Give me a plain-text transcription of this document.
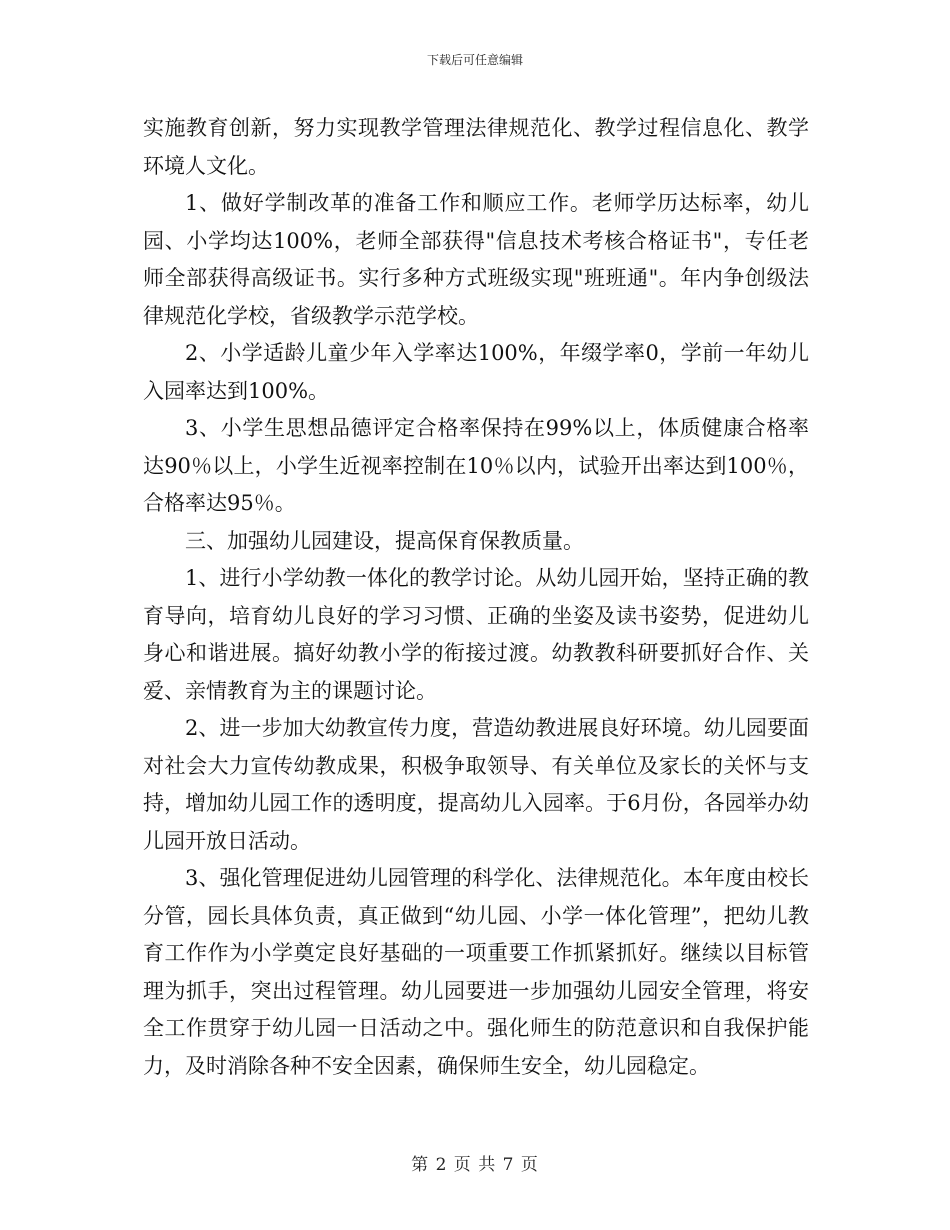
下载后可任意编辑

实施教育创新，努力实现教学管理法律规范化、教学过程信息化、教学环境人文化。

1、做好学制改革的准备工作和顺应工作。老师学历达标率，幼儿园、小学均达100%，老师全部获得"信息技术考核合格证书"，专任老师全部获得高级证书。实行多种方式班级实现"班班通"。年内争创级法律规范化学校，省级教学示范学校。

2、小学适龄儿童少年入学率达100%，年缀学率0，学前一年幼儿入园率达到100%。

3、小学生思想品德评定合格率保持在99%以上，体质健康合格率达90％以上，小学生近视率控制在10％以内，试验开出率达到100％，合格率达95％。

三、加强幼儿园建设，提高保育保教质量。

1、进行小学幼教一体化的教学讨论。从幼儿园开始，坚持正确的教育导向，培育幼儿良好的学习习惯、正确的坐姿及读书姿势，促进幼儿身心和谐进展。搞好幼教小学的衔接过渡。幼教教科研要抓好合作、关爱、亲情教育为主的课题讨论。

2、进一步加大幼教宣传力度，营造幼教进展良好环境。幼儿园要面对社会大力宣传幼教成果，积极争取领导、有关单位及家长的关怀与支持，增加幼儿园工作的透明度，提高幼儿入园率。于6月份，各园举办幼儿园开放日活动。

3、强化管理促进幼儿园管理的科学化、法律规范化。本年度由校长分管，园长具体负责，真正做到“幼儿园、小学一体化管理”，把幼儿教育工作作为小学奠定良好基础的一项重要工作抓紧抓好。继续以目标管理为抓手，突出过程管理。幼儿园要进一步加强幼儿园安全管理，将安全工作贯穿于幼儿园一日活动之中。强化师生的防范意识和自我保护能力，及时消除各种不安全因素，确保师生安全，幼儿园稳定。

第 2 页 共 7 页
